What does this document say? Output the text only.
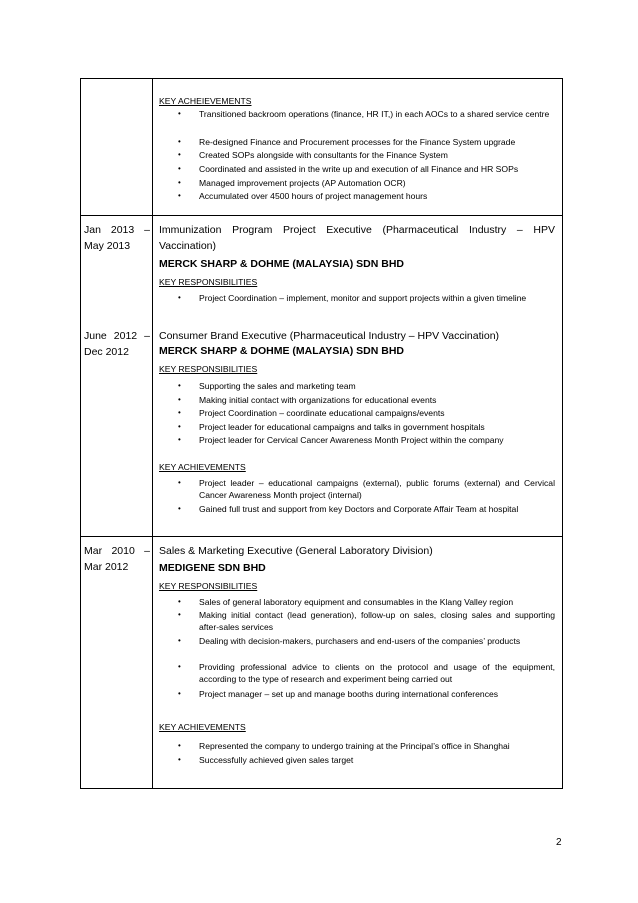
KEY ACHEIEVEMENTS
• Transitioned backroom operations (finance, HR IT,) in each AOCs to a shared service centre
• Re-designed Finance and Procurement processes for the Finance System upgrade
• Created SOPs alongside with consultants for the Finance System
• Coordinated and assisted in the write up and execution of all Finance and HR SOPs
• Managed improvement projects (AP Automation OCR)
• Accumulated over 4500 hours of project management hours
Jan 2013 – May 2013
Immunization Program Project Executive (Pharmaceutical Industry – HPV Vaccination)
MERCK SHARP & DOHME (MALAYSIA) SDN BHD
KEY RESPONSIBILITIES
• Project Coordination – implement, monitor and support projects within a given timeline
June 2012 – Dec 2012
Consumer Brand Executive (Pharmaceutical Industry – HPV Vaccination)
MERCK SHARP & DOHME (MALAYSIA) SDN BHD
KEY RESPONSIBILITIES
• Supporting the sales and marketing team
• Making initial contact with organizations for educational events
• Project Coordination – coordinate educational campaigns/events
• Project leader for educational campaigns and talks in government hospitals
• Project leader for Cervical Cancer Awareness Month Project within the company
KEY ACHIEVEMENTS
• Project leader – educational campaigns (external), public forums (external) and Cervical Cancer Awareness Month project (internal)
• Gained full trust and support from key Doctors and Corporate Affair Team at hospital
Mar 2010 – Mar 2012
Sales & Marketing Executive (General Laboratory Division)
MEDIGENE SDN BHD
KEY RESPONSIBILITIES
• Sales of general laboratory equipment and consumables in the Klang Valley region
• Making initial contact (lead generation), follow-up on sales, closing sales and supporting after-sales services
• Dealing with decision-makers, purchasers and end-users of the companies’ products
• Providing professional advice to clients on the protocol and usage of the equipment, according to the type of research and experiment being carried out
• Project manager – set up and manage booths during international conferences
KEY ACHIEVEMENTS
• Represented the company to undergo training at the Principal’s office in Shanghai
• Successfully achieved given sales target
2
